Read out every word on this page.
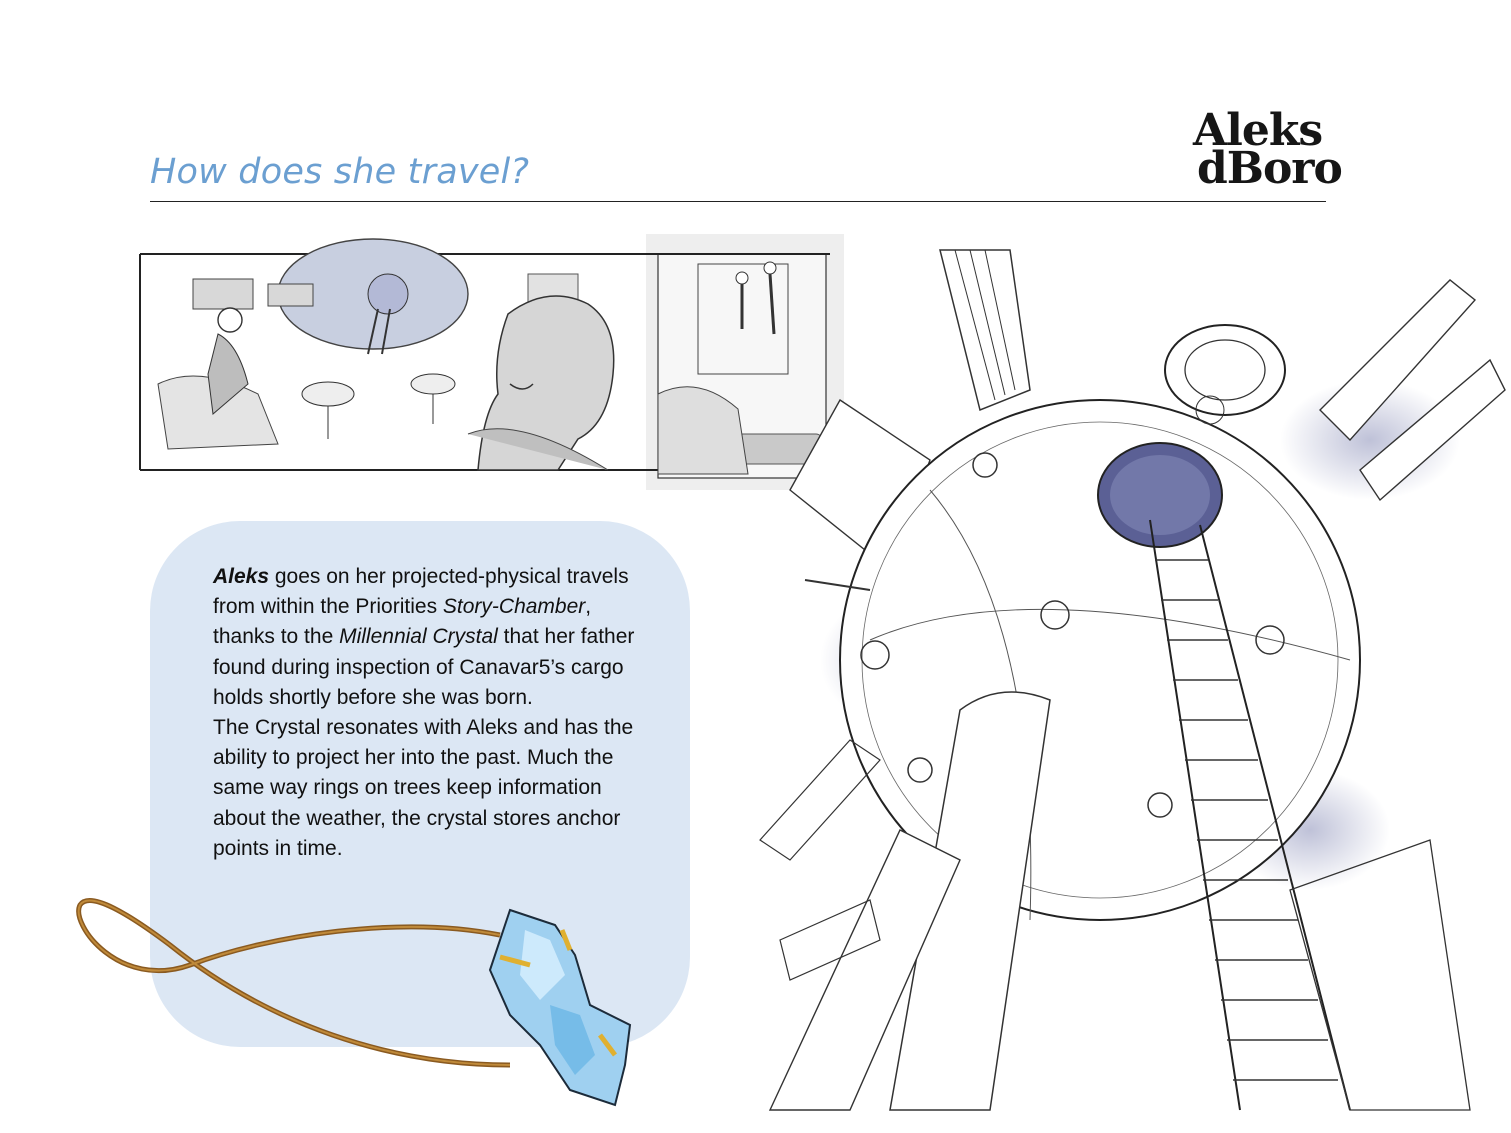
How does she travel?
Aleks
dBoro

Aleks goes on her projected-physical travels from within the Priorities Story-Chamber, thanks to the Millennial Crystal that her father found during inspection of Canavar5’s cargo holds shortly before she was born.

The Crystal resonates with Aleks and has the ability to project her into the past. Much the same way rings on trees keep information about the weather, the crystal stores anchor points in time.
